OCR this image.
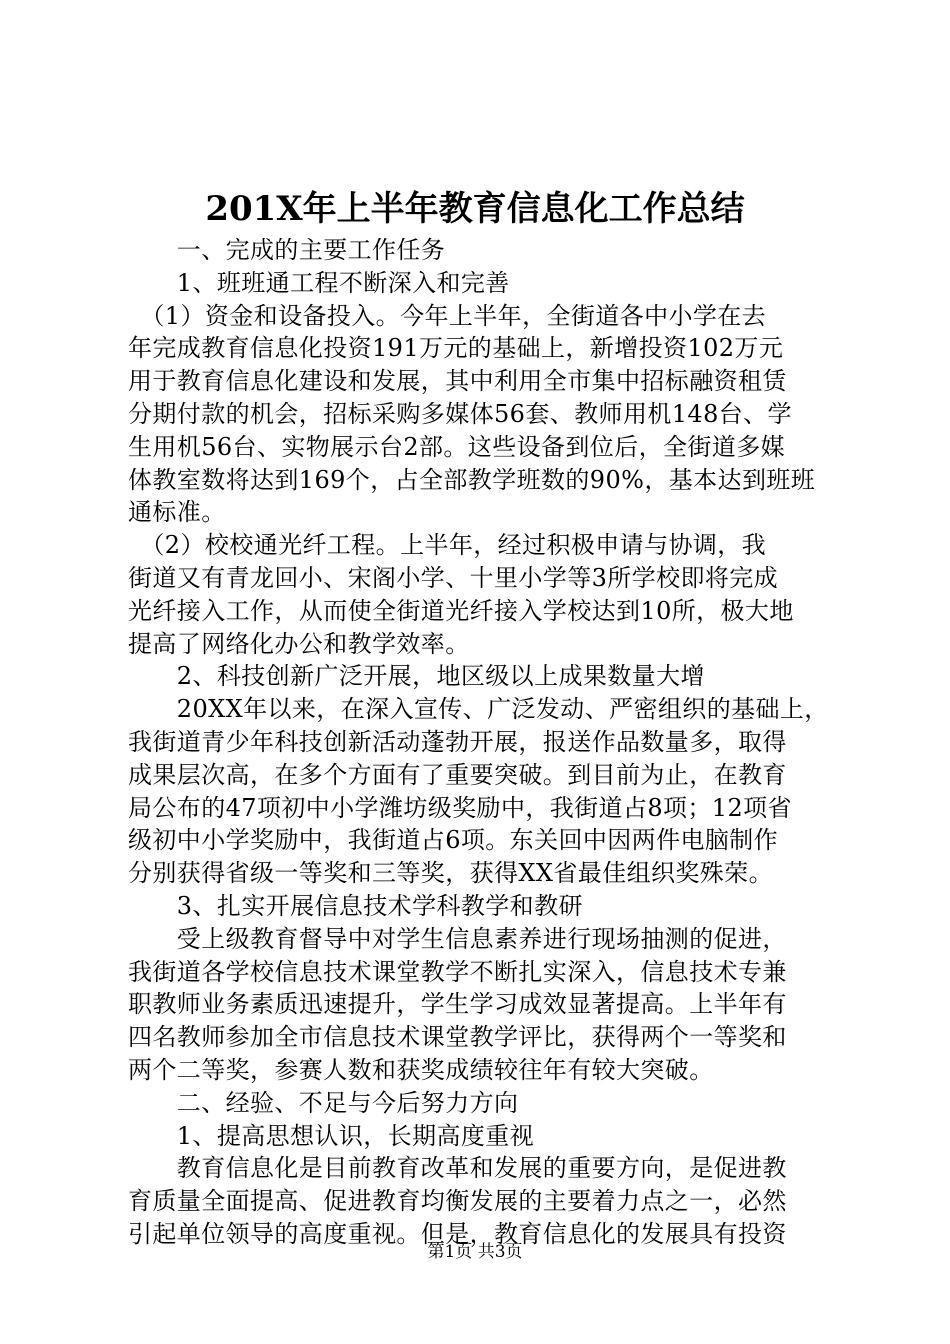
201X年上半年教育信息化工作总结
　　一、完成的主要工作任务
　　1、班班通工程不断深入和完善
　（1）资金和设备投入。今年上半年，全街道各中小学在去
年完成教育信息化投资191万元的基础上，新增投资102万元
用于教育信息化建设和发展，其中利用全市集中招标融资租赁
分期付款的机会，招标采购多媒体56套、教师用机148台、学
生用机56台、实物展示台2部。这些设备到位后，全街道多媒
体教室数将达到169个，占全部教学班数的90%，基本达到班班
通标准。
　（2）校校通光纤工程。上半年，经过积极申请与协调，我
街道又有青龙回小、宋阁小学、十里小学等3所学校即将完成
光纤接入工作，从而使全街道光纤接入学校达到10所，极大地
提高了网络化办公和教学效率。
　　2、科技创新广泛开展，地区级以上成果数量大增
　　20XX年以来，在深入宣传、广泛发动、严密组织的基础上，
我街道青少年科技创新活动蓬勃开展，报送作品数量多，取得
成果层次高，在多个方面有了重要突破。到目前为止，在教育
局公布的47项初中小学潍坊级奖励中，我街道占8项；12项省
级初中小学奖励中，我街道占6项。东关回中因两件电脑制作
分别获得省级一等奖和三等奖，获得XX省最佳组织奖殊荣。
　　3、扎实开展信息技术学科教学和教研
　　受上级教育督导中对学生信息素养进行现场抽测的促进，
我街道各学校信息技术课堂教学不断扎实深入，信息技术专兼
职教师业务素质迅速提升，学生学习成效显著提高。上半年有
四名教师参加全市信息技术课堂教学评比，获得两个一等奖和
两个二等奖，参赛人数和获奖成绩较往年有较大突破。
　　二、经验、不足与今后努力方向
　　1、提高思想认识，长期高度重视
　　教育信息化是目前教育改革和发展的重要方向，是促进教
育质量全面提高、促进教育均衡发展的主要着力点之一，必然
引起单位领导的高度重视。但是，教育信息化的发展具有投资
第1页 共3页
